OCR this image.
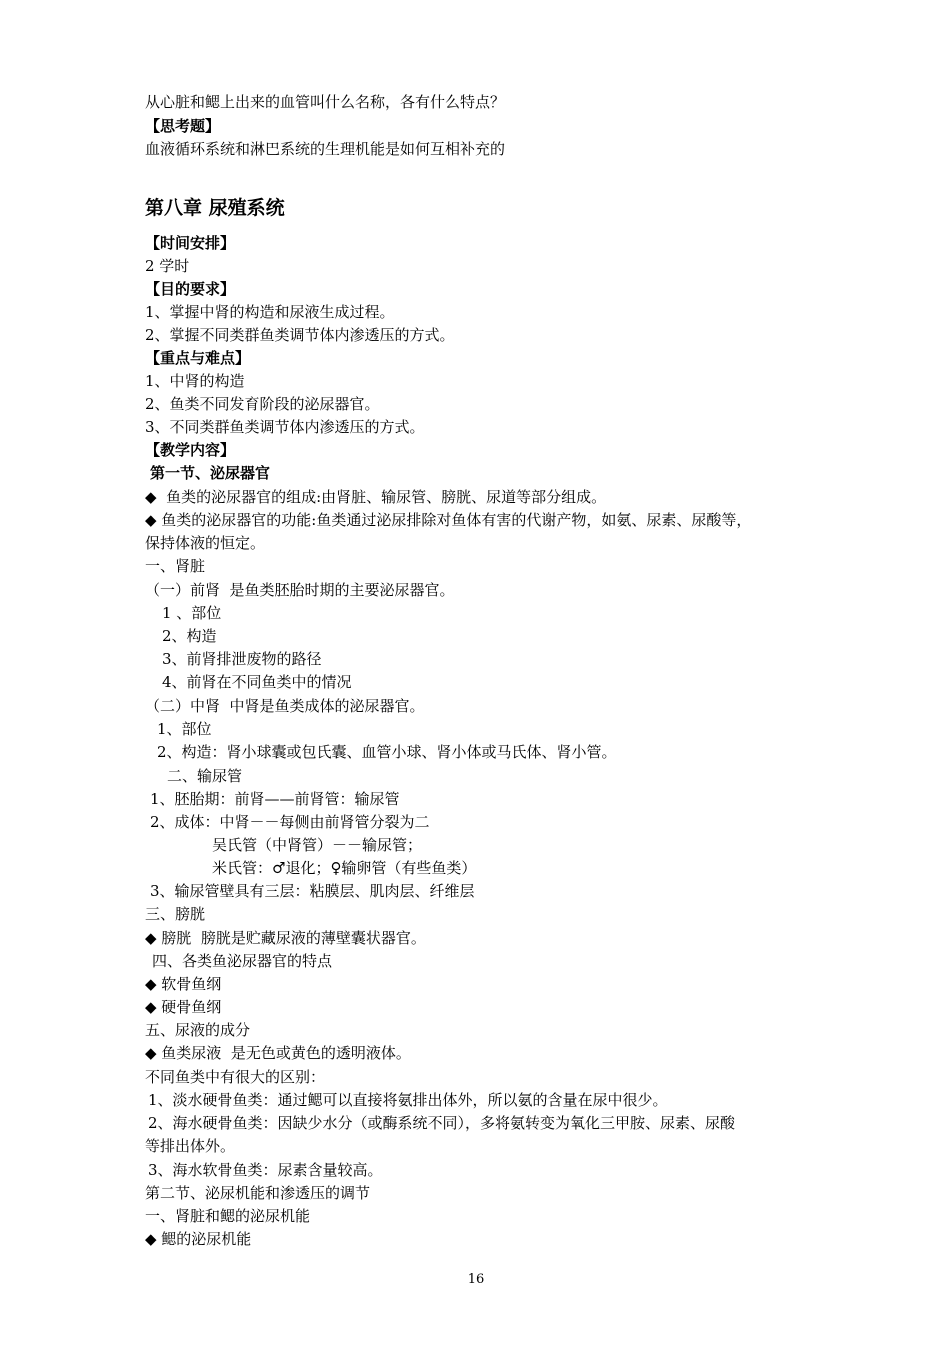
从心脏和鳃上出来的血管叫什么名称，各有什么特点？
【思考题】
血液循环系统和淋巴系统的生理机能是如何互相补充的
第八章 尿殖系统
【时间安排】
2 学时
【目的要求】
1、掌握中肾的构造和尿液生成过程。
2、掌握不同类群鱼类调节体内渗透压的方式。
【重点与难点】
1、中肾的构造
2、鱼类不同发育阶段的泌尿器官。
3、不同类群鱼类调节体内渗透压的方式。
【教学内容】
第一节、泌尿器官
◆  鱼类的泌尿器官的组成:由肾脏、输尿管、膀胱、尿道等部分组成。
◆ 鱼类的泌尿器官的功能:鱼类通过泌尿排除对鱼体有害的代谢产物，如氨、尿素、尿酸等，
保持体液的恒定。
一、肾脏
（一）前肾  是鱼类胚胎时期的主要泌尿器官。
1 、部位
2、构造
3、前肾排泄废物的路径
4、前肾在不同鱼类中的情况
（二）中肾  中肾是鱼类成体的泌尿器官。
1、部位
2、构造：肾小球囊或包氏囊、血管小球、肾小体或马氏体、肾小管。
二、输尿管
1、胚胎期：前肾——前肾管：输尿管
2、成体：中肾－－每侧由前肾管分裂为二
吴氏管（中肾管）－－输尿管；
米氏管：♂退化；♀输卵管（有些鱼类）
3、输尿管壁具有三层：粘膜层、肌肉层、纤维层
三、膀胱
◆ 膀胱  膀胱是贮藏尿液的薄壁囊状器官。
四、各类鱼泌尿器官的特点
◆ 软骨鱼纲
◆ 硬骨鱼纲
五、尿液的成分
◆ 鱼类尿液  是无色或黄色的透明液体。
不同鱼类中有很大的区别：
1、淡水硬骨鱼类：通过鳃可以直接将氨排出体外，所以氨的含量在尿中很少。
2、海水硬骨鱼类：因缺少水分（或酶系统不同），多将氨转变为氧化三甲胺、尿素、尿酸
等排出体外。
3、海水软骨鱼类：尿素含量较高。
第二节、泌尿机能和渗透压的调节
一、肾脏和鳃的泌尿机能
◆ 鳃的泌尿机能
16
